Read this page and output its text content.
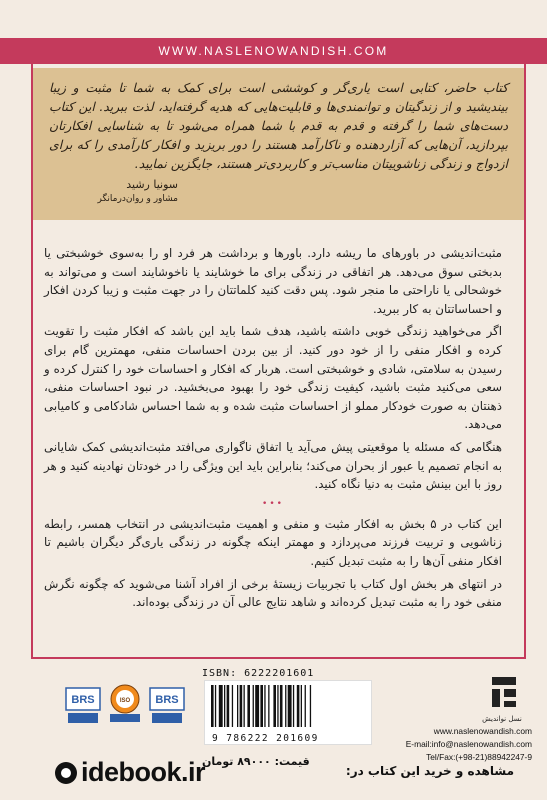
WWW.NASLENOWANDISH.COM

کتاب حاضر، کتابی است یاری‌گر و کوششی است برای کمک به شما تا مثبت و زیبا بیندیشید و از زندگیتان و توانمندی‌ها و قابلیت‌هایی که هدیه گرفته‌اید، لذت ببرید. این کتاب دست‌های شما را گرفته و قدم به قدم با شما همراه می‌شود تا به شناسایی افکارتان بپردازید، آن‌هایی که آزاردهنده و ناکارآمد هستند را دور بریزید و افکار کارآمدی را که برای ازدواج و زندگی زناشوییتان مناسب‌تر و کاربردی‌تر هستند، جایگزین نمایید.

سونیا رشید
مشاور و روان‌درمانگر

مثبت‌اندیشی در باورهای ما ریشه دارد. باورها و برداشت هر فرد او را به‌سوی خوشبختی یا بدبختی سوق می‌دهد. هر اتفاقی در زندگی برای ما خوشایند یا ناخوشایند است و می‌تواند به خوشحالی یا ناراحتی ما منجر شود. پس دقت کنید کلماتتان را در جهت مثبت و زیبا کردن افکار و احساساتتان به کار ببرید.

اگر می‌خواهید زندگی خوبی داشته باشید، هدف شما باید این باشد که افکار مثبت را تقویت کرده و افکار منفی را از خود دور کنید. از بین بردن احساسات منفی، مهمترین گام برای رسیدن به سلامتی، شادی و خوشبختی است. هربار که افکار و احساسات خود را کنترل کرده و سعی می‌کنید مثبت باشید، کیفیت زندگی خود را بهبود می‌بخشید. در نبود احساسات منفی، ذهنتان به صورت خودکار مملو از احساسات مثبت شده و به شما احساس شادکامی و کامیابی می‌دهد.

هنگامی که مسئله یا موقعیتی پیش می‌آید یا اتفاق ناگواری می‌افتد مثبت‌اندیشی کمک شایانی به انجام تصمیم یا عبور از بحران می‌کند؛ بنابراین باید این ویژگی را در خودتان نهادینه کنید و هر روز با این بینش مثبت به دنیا نگاه کنید.

•••

این کتاب در ۵ بخش به افکار مثبت و منفی و اهمیت مثبت‌اندیشی در انتخاب همسر، رابطه زناشویی و تربیت فرزند می‌پردازد و مهمتر اینکه چگونه در زندگی یاری‌گر دیگران باشیم تا افکار منفی آن‌ها را به مثبت تبدیل کنیم.

در انتهای هر بخش اول کتاب با تجربیات زیستهٔ برخی از افراد آشنا می‌شوید که چگونه نگرش منفی خود را به مثبت تبدیل کرده‌اند و شاهد نتایج عالی آن در زندگی بوده‌اند.

BRS	ISO BRS
ISBN: 6222201601
9 786222 201609
قیمت: ۸۹۰۰۰ تومان
نسل نواندیش
www.naslenowandish.com
E-mail:info@naslenowandish.com
Tel/Fax:(+98-21)88942247-9
idebook.ir	مشاهده و خرید این کتاب در:
